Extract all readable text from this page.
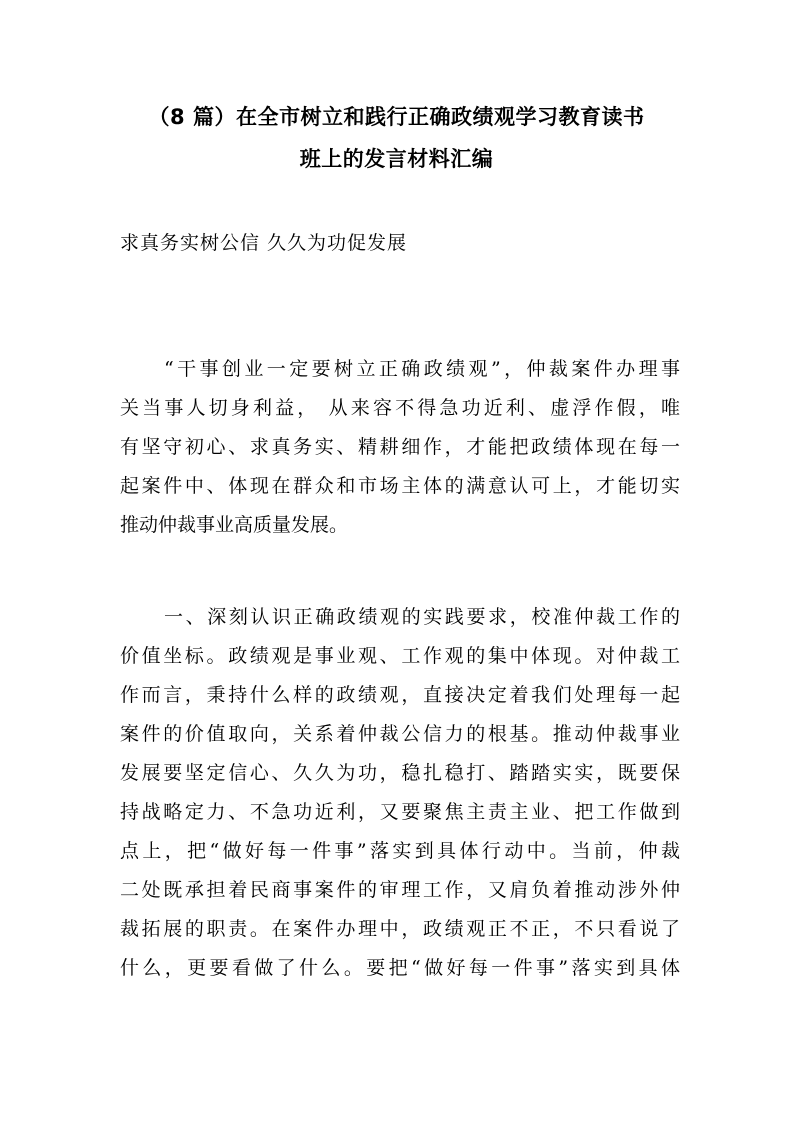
（8 篇）在全市树立和践行正确政绩观学习教育读书
班上的发言材料汇编

求真务实树公信 久久为功促发展

“干事创业一定要树立正确政绩观”，仲裁案件办理事
关当事人切身利益， 从来容不得急功近利、虚浮作假，唯
有坚守初心、求真务实、精耕细作，才能把政绩体现在每一
起案件中、体现在群众和市场主体的满意认可上，才能切实
推动仲裁事业高质量发展。
一、深刻认识正确政绩观的实践要求，校准仲裁工作的
价值坐标。政绩观是事业观、工作观的集中体现。对仲裁工
作而言，秉持什么样的政绩观，直接决定着我们处理每一起
案件的价值取向，关系着仲裁公信力的根基。推动仲裁事业
发展要坚定信心、久久为功，稳扎稳打、踏踏实实，既要保
持战略定力、不急功近利，又要聚焦主责主业、把工作做到
点上，把“做好每一件事”落实到具体行动中。当前，仲裁
二处既承担着民商事案件的审理工作，又肩负着推动涉外仲
裁拓展的职责。在案件办理中，政绩观正不正，不只看说了
什么，更要看做了什么。要把“做好每一件事”落实到具体
